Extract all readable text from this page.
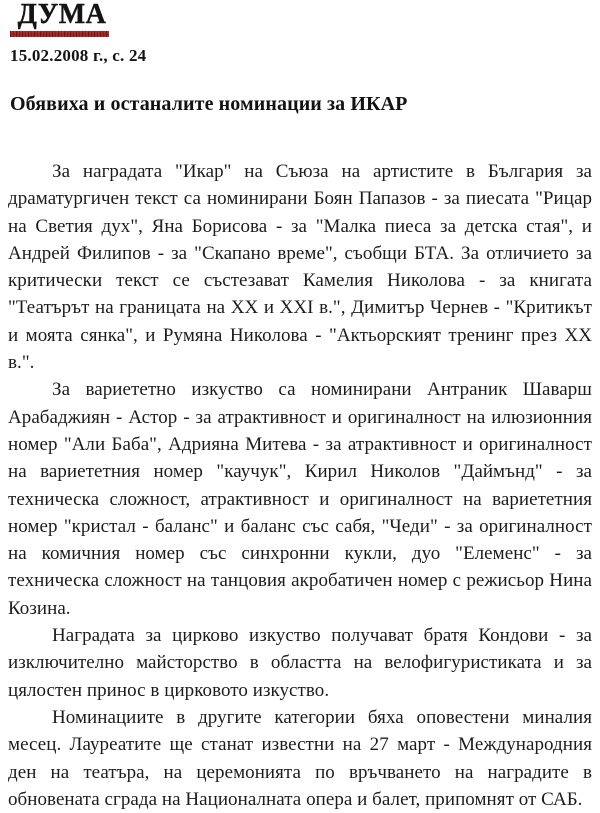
ДУМА
15.02.2008 г., с. 24
Обявиха и останалите номинации за ИКАР

За наградата "Икар" на Съюза на артистите в България за драматургичен текст са номинирани Боян Папазов - за пиесата "Рицар на Светия дух", Яна Борисова - за "Малка пиеса за детска стая", и Андрей Филипов - за "Скапано време", съобщи БТА. За отличието за критически текст се състезават Камелия Николова - за книгата "Театърът на границата на XX и XXI в.", Димитър Чернев - "Критикът и моята сянка", и Румяна Николова - "Актьорският тренинг през XX в.".

За вариететно изкуство са номинирани Антраник Шаварш Арабаджиян - Астор - за атрактивност и оригиналност на илюзионния номер "Али Баба", Адрияна Митева - за атрактивност и оригиналност на вариететния номер "каучук", Кирил Николов "Даймънд" - за техническа сложност, атрактивност и оригиналност на вариететния номер "кристал - баланс" и баланс със сабя, "Чеди" - за оригиналност на комичния номер със синхронни кукли, дуо "Елеменс" - за техническа сложност на танцовия акробатичен номер с режисьор Нина Козина.

Наградата за цирково изкуство получават братя Кондови - за изключително майсторство в областта на велофигуристиката и за цялостен принос в цирковото изкуство.

Номинациите в другите категории бяха оповестени миналия месец. Лауреатите ще станат известни на 27 март - Международния ден на театъра, на церемонията по връчването на наградите в обновената сграда на Националната опера и балет, припомнят от САБ.
